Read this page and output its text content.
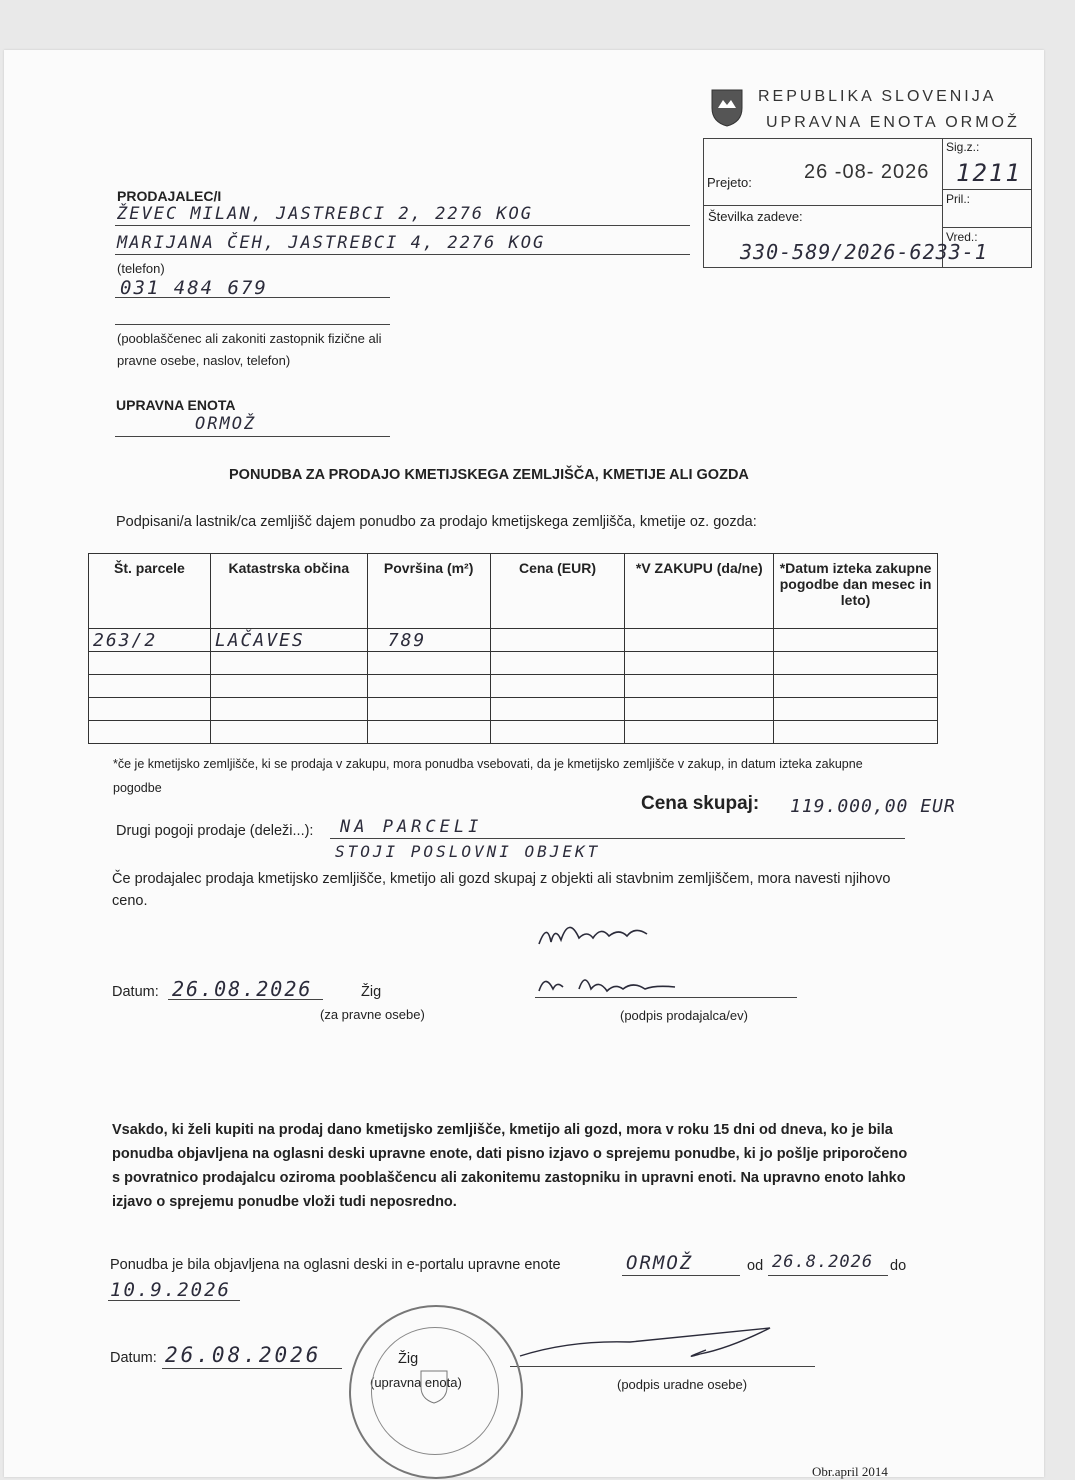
REPUBLIKA SLOVENIJA
UPRAVNA ENOTA ORMOŽ
Prejeto:	26 -08- 2026
Sig.z.:
1211
Pril.:
Številka zadeve:
Vred.:
330-589/2026-6233-1
PRODAJALEC/I
ŽEVEC MILAN, JASTREBCI 2, 2276 KOG
MARIJANA ČEH, JASTREBCI 4, 2276 KOG
(telefon)
031 484 679
(pooblaščenec ali zakoniti zastopnik fizične ali
pravne osebe, naslov, telefon)
UPRAVNA ENOTA
ORMOŽ
PONUDBA ZA PRODAJO KMETIJSKEGA ZEMLJIŠČA, KMETIJE ALI GOZDA
Podpisani/a lastnik/ca zemljišč dajem ponudbo za prodajo kmetijskega zemljišča, kmetije oz. gozda:
Št. parcele	Katastrska občina	Površina (m²)	Cena (EUR)	*V ZAKUPU (da/ne)	*Datum izteka zakupne pogodbe dan mesec in leto)
263/2	LAČAVES	789			

*če je kmetijsko zemljišče, ki se prodaja v zakupu, mora ponudba vsebovati, da je kmetijsko zemljišče v zakup, in datum izteka zakupne pogodbe
Cena skupaj: 119.000,00 EUR
Drugi pogoji prodaje (deleži...): NA PARCELI
STOJI POSLOVNI OBJEKT
Če prodajalec prodaja kmetijsko zemljišče, kmetijo ali gozd skupaj z objekti ali stavbnim zemljiščem, mora navesti njihovo ceno.
Datum: 26.08.2026	Žig
(za pravne osebe)	(podpis prodajalca/ev)
Vsakdo, ki želi kupiti na prodaj dano kmetijsko zemljišče, kmetijo ali gozd, mora v roku 15 dni od dneva, ko je bila ponudba objavljena na oglasni deski upravne enote, dati pisno izjavo o sprejemu ponudbe, ki jo pošlje priporočeno s povratnico prodajalcu oziroma pooblaščencu ali zakonitemu zastopniku in upravni enoti. Na upravno enoto lahko izjavo o sprejemu ponudbe vloži tudi neposredno.
Ponudba je bila objavljena na oglasni deski in e-portalu upravne enote	ORMOŽ	od 26.8.2026 do
10.9.2026
Datum: 26.08.2026	Žig
(upravna enota)	(podpis uradne osebe)
Obr.april 2014
